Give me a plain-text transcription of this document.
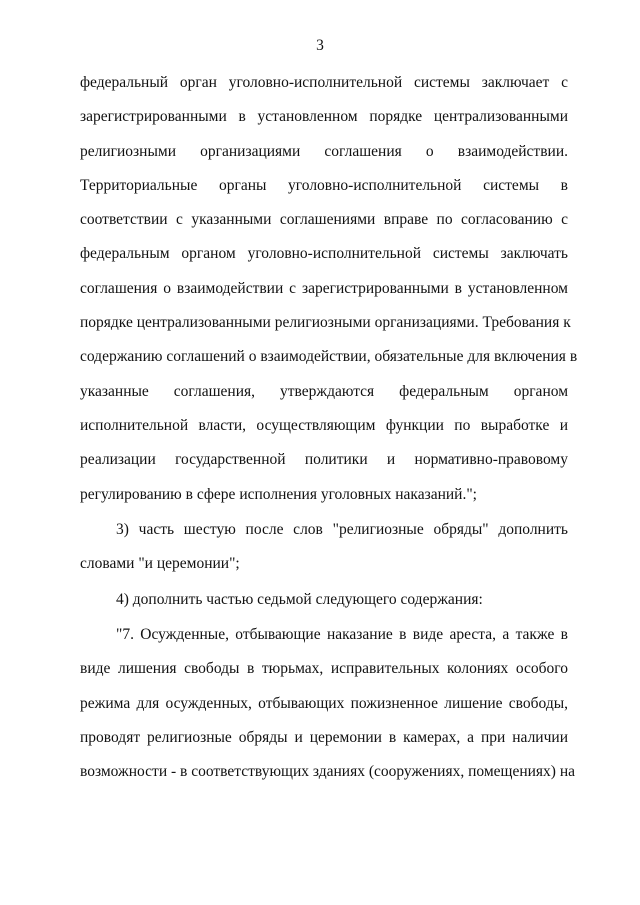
3
федеральный орган уголовно-исполнительной системы заключает с
зарегистрированными в установленном порядке централизованными
религиозными организациями соглашения о взаимодействии.
Территориальные органы уголовно-исполнительной системы в
соответствии с указанными соглашениями вправе по согласованию с
федеральным органом уголовно-исполнительной системы заключать
соглашения о взаимодействии с зарегистрированными в установленном
порядке централизованными религиозными организациями. Требования к
содержанию соглашений о взаимодействии, обязательные для включения в
указанные соглашения, утверждаются федеральным органом
исполнительной власти, осуществляющим функции по выработке и
реализации государственной политики и нормативно-правовому
регулированию в сфере исполнения уголовных наказаний.";
3) часть шестую после слов "религиозные обряды" дополнить
словами "и церемонии";
4) дополнить частью седьмой следующего содержания:
"7. Осужденные, отбывающие наказание в виде ареста, а также в
виде лишения свободы в тюрьмах, исправительных колониях особого
режима для осужденных, отбывающих пожизненное лишение свободы,
проводят религиозные обряды и церемонии в камерах, а при наличии
возможности - в соответствующих зданиях (сооружениях, помещениях) на
